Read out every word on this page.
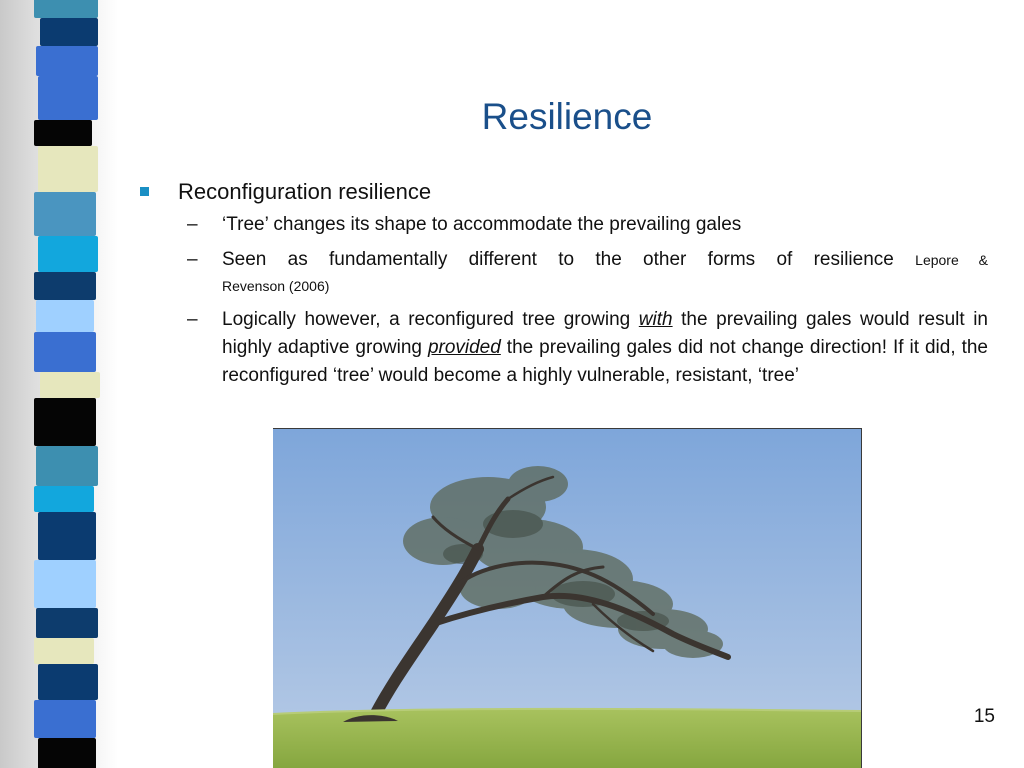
Resilience
Reconfiguration resilience
– ‘Tree’ changes its shape to accommodate the prevailing gales
– Seen as fundamentally different to the other forms of resilience Lepore &
Revenson (2006)
– Logically however, a reconfigured tree growing with the prevailing gales would result in highly adaptive growing provided the prevailing gales did not change direction! If it did, the reconfigured ‘tree’ would become a highly vulnerable, resistant, ‘tree’
15
